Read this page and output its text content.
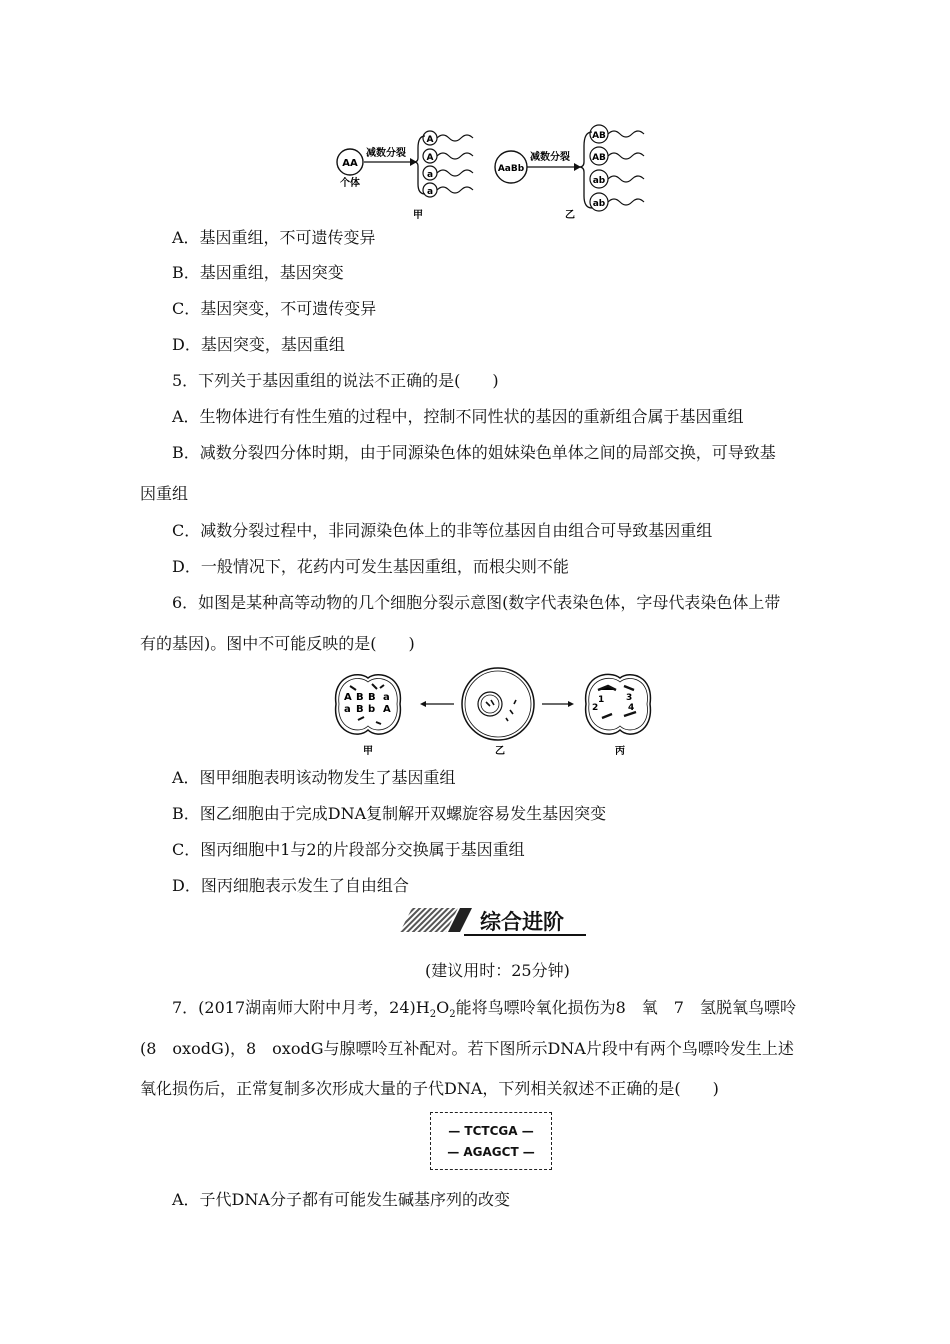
AA
个体
减数分裂
A
A
a
a
甲
AaBb
减数分裂
AB
AB
ab
ab
乙
A．基因重组，不可遗传变异
B．基因重组，基因突变
C．基因突变，不可遗传变异
D．基因突变，基因重组
5．下列关于基因重组的说法不正确的是(　　)
A．生物体进行有性生殖的过程中，控制不同性状的基因的重新组合属于基因重组
B．减数分裂四分体时期，由于同源染色体的姐妹染色单体之间的局部交换，可导致基
因重组
C．减数分裂过程中，非同源染色体上的非等位基因自由组合可导致基因重组
D．一般情况下，花药内可发生基因重组，而根尖则不能
6．如图是某种高等动物的几个细胞分裂示意图(数字代表染色体，字母代表染色体上带
有的基因)。图中不可能反映的是(　　)
A B B a
a B b A
甲	乙
1
2
3
4
丙
A．图甲细胞表明该动物发生了基因重组
B．图乙细胞由于完成DNA复制解开双螺旋容易发生基因突变
C．图丙细胞中1与2的片段部分交换属于基因重组
D．图丙细胞表示发生了自由组合
综合进阶
(建议用时：25分钟)
7．(2017湖南师大附中月考，$24)H_2O_2$能将鸟嘌呤氧化损伤为8　氧　7　氢脱氧鸟嘌呤
(8　oxodG)，8　oxodG与腺嘌呤互补配对。若下图所示DNA片段中有两个鸟嘌呤发生上述
氧化损伤后，正常复制多次形成大量的子代DNA，下列相关叙述不正确的是(　　)
— TCTCGA —
— AGAGCT —
A．子代DNA分子都有可能发生碱基序列的改变
